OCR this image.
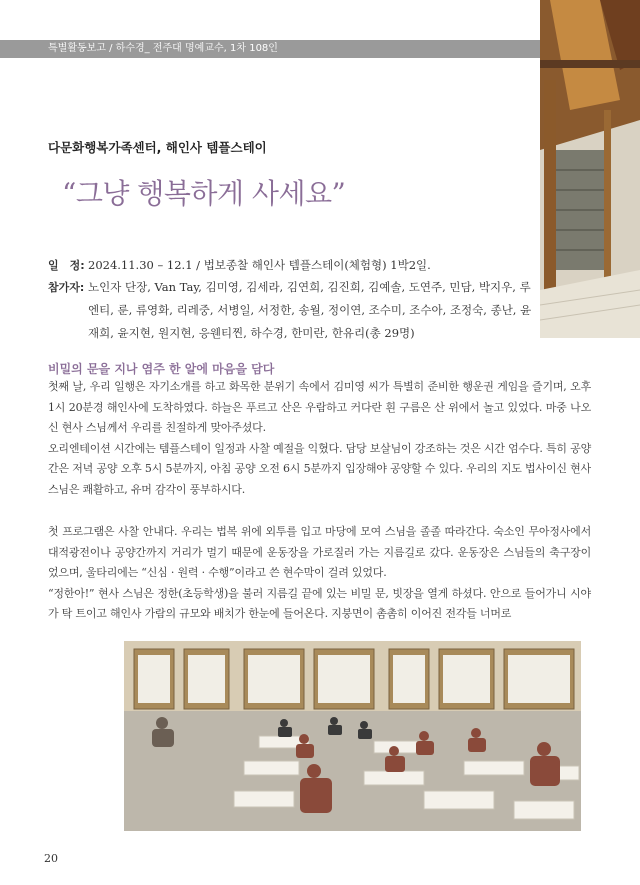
특별활동보고 / 하수경_ 전주대 명예교수, 1차 108인
다문화행복가족센터, 해인사 템플스테이
“그냥 행복하게 사세요”
일　정: 2024.11.30 – 12.1 / 법보종찰 해인사 템플스테이(체험형) 1박2일.
참가자: 노인자 단장, Van Tay, 김미영, 김세라, 김연희, 김진희, 김예솔, 도연주, 민담, 박지우, 루엔티, 룬, 류영화, 리레중, 서병일, 서정한, 송월, 정이연, 조수미, 조수아, 조정숙, 종난, 윤재희, 윤지현, 원지현, 응웬티찐, 하수경, 한미란, 한유리(총 29명)
비밀의 문을 지나 염주 한 알에 마음을 담다

첫째 날, 우리 일행은 자기소개를 하고 화목한 분위기 속에서 김미영 씨가 특별히 준비한 행운권 게임을 즐기며, 오후 1시 20분경 해인사에 도착하였다. 하늘은 푸르고 산은 우람하고 커다란 흰 구름은 산 위에서 놀고 있었다. 마중 나오신 현사 스님께서 우리를 친절하게 맞아주셨다.

오리엔테이션 시간에는 템플스테이 일정과 사찰 예절을 익혔다. 담당 보살님이 강조하는 것은 시간 엄수다. 특히 공양간은 저녁 공양 오후 5시 5분까지, 아침 공양 오전 6시 5분까지 입장해야 공양할 수 있다. 우리의 지도 법사이신 현사 스님은 쾌활하고, 유머 감각이 풍부하시다.

첫 프로그램은 사찰 안내다. 우리는 법복 위에 외투를 입고 마당에 모여 스님을 졸졸 따라간다. 숙소인 무아정사에서 대적광전이나 공양간까지 거리가 멀기 때문에 운동장을 가로질러 가는 지름길로 갔다. 운동장은 스님들의 축구장이었으며, 울타리에는 “신심 · 원력 · 수행”이라고 쓴 현수막이 걸려 있었다.

“정한아!” 현사 스님은 정한(초등학생)을 불러 지름길 끝에 있는 비밀 문, 빗장을 열게 하셨다. 안으로 들어가니 시야가 탁 트이고 해인사 가람의 규모와 배치가 한눈에 들어온다. 지붕면이 촘촘히 이어진 전각들 너머로

20
